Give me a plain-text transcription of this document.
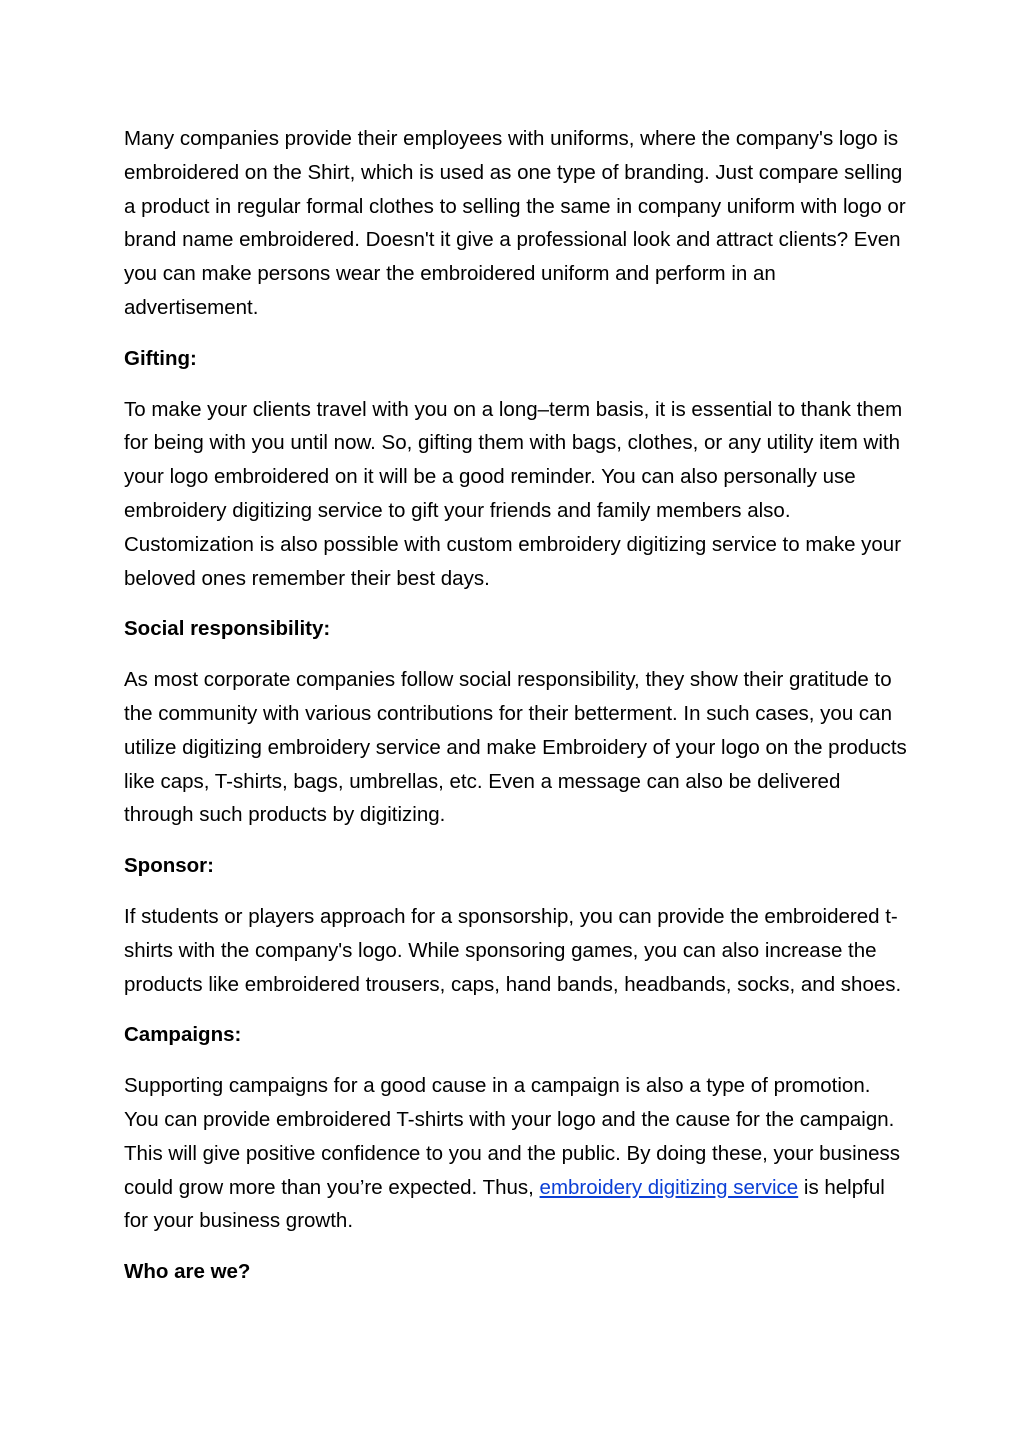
Many companies provide their employees with uniforms, where the company's logo is embroidered on the Shirt, which is used as one type of branding. Just compare selling a product in regular formal clothes to selling the same in company uniform with logo or brand name embroidered. Doesn't it give a professional look and attract clients? Even you can make persons wear the embroidered uniform and perform in an advertisement.

Gifting:

To make your clients travel with you on a long–term basis, it is essential to thank them for being with you until now. So, gifting them with bags, clothes, or any utility item with your logo embroidered on it will be a good reminder. You can also personally use embroidery digitizing service to gift your friends and family members also. Customization is also possible with custom embroidery digitizing service to make your beloved ones remember their best days.

Social responsibility:

As most corporate companies follow social responsibility, they show their gratitude to the community with various contributions for their betterment. In such cases, you can utilize digitizing embroidery service and make Embroidery of your logo on the products like caps, T-shirts, bags, umbrellas, etc. Even a message can also be delivered through such products by digitizing.

Sponsor:

If students or players approach for a sponsorship, you can provide the embroidered t-shirts with the company's logo. While sponsoring games, you can also increase the products like embroidered trousers, caps, hand bands, headbands, socks, and shoes.

Campaigns:

Supporting campaigns for a good cause in a campaign is also a type of promotion. You can provide embroidered T-shirts with your logo and the cause for the campaign. This will give positive confidence to you and the public. By doing these, your business could grow more than you’re expected. Thus, embroidery digitizing service is helpful for your business growth.

Who are we?
